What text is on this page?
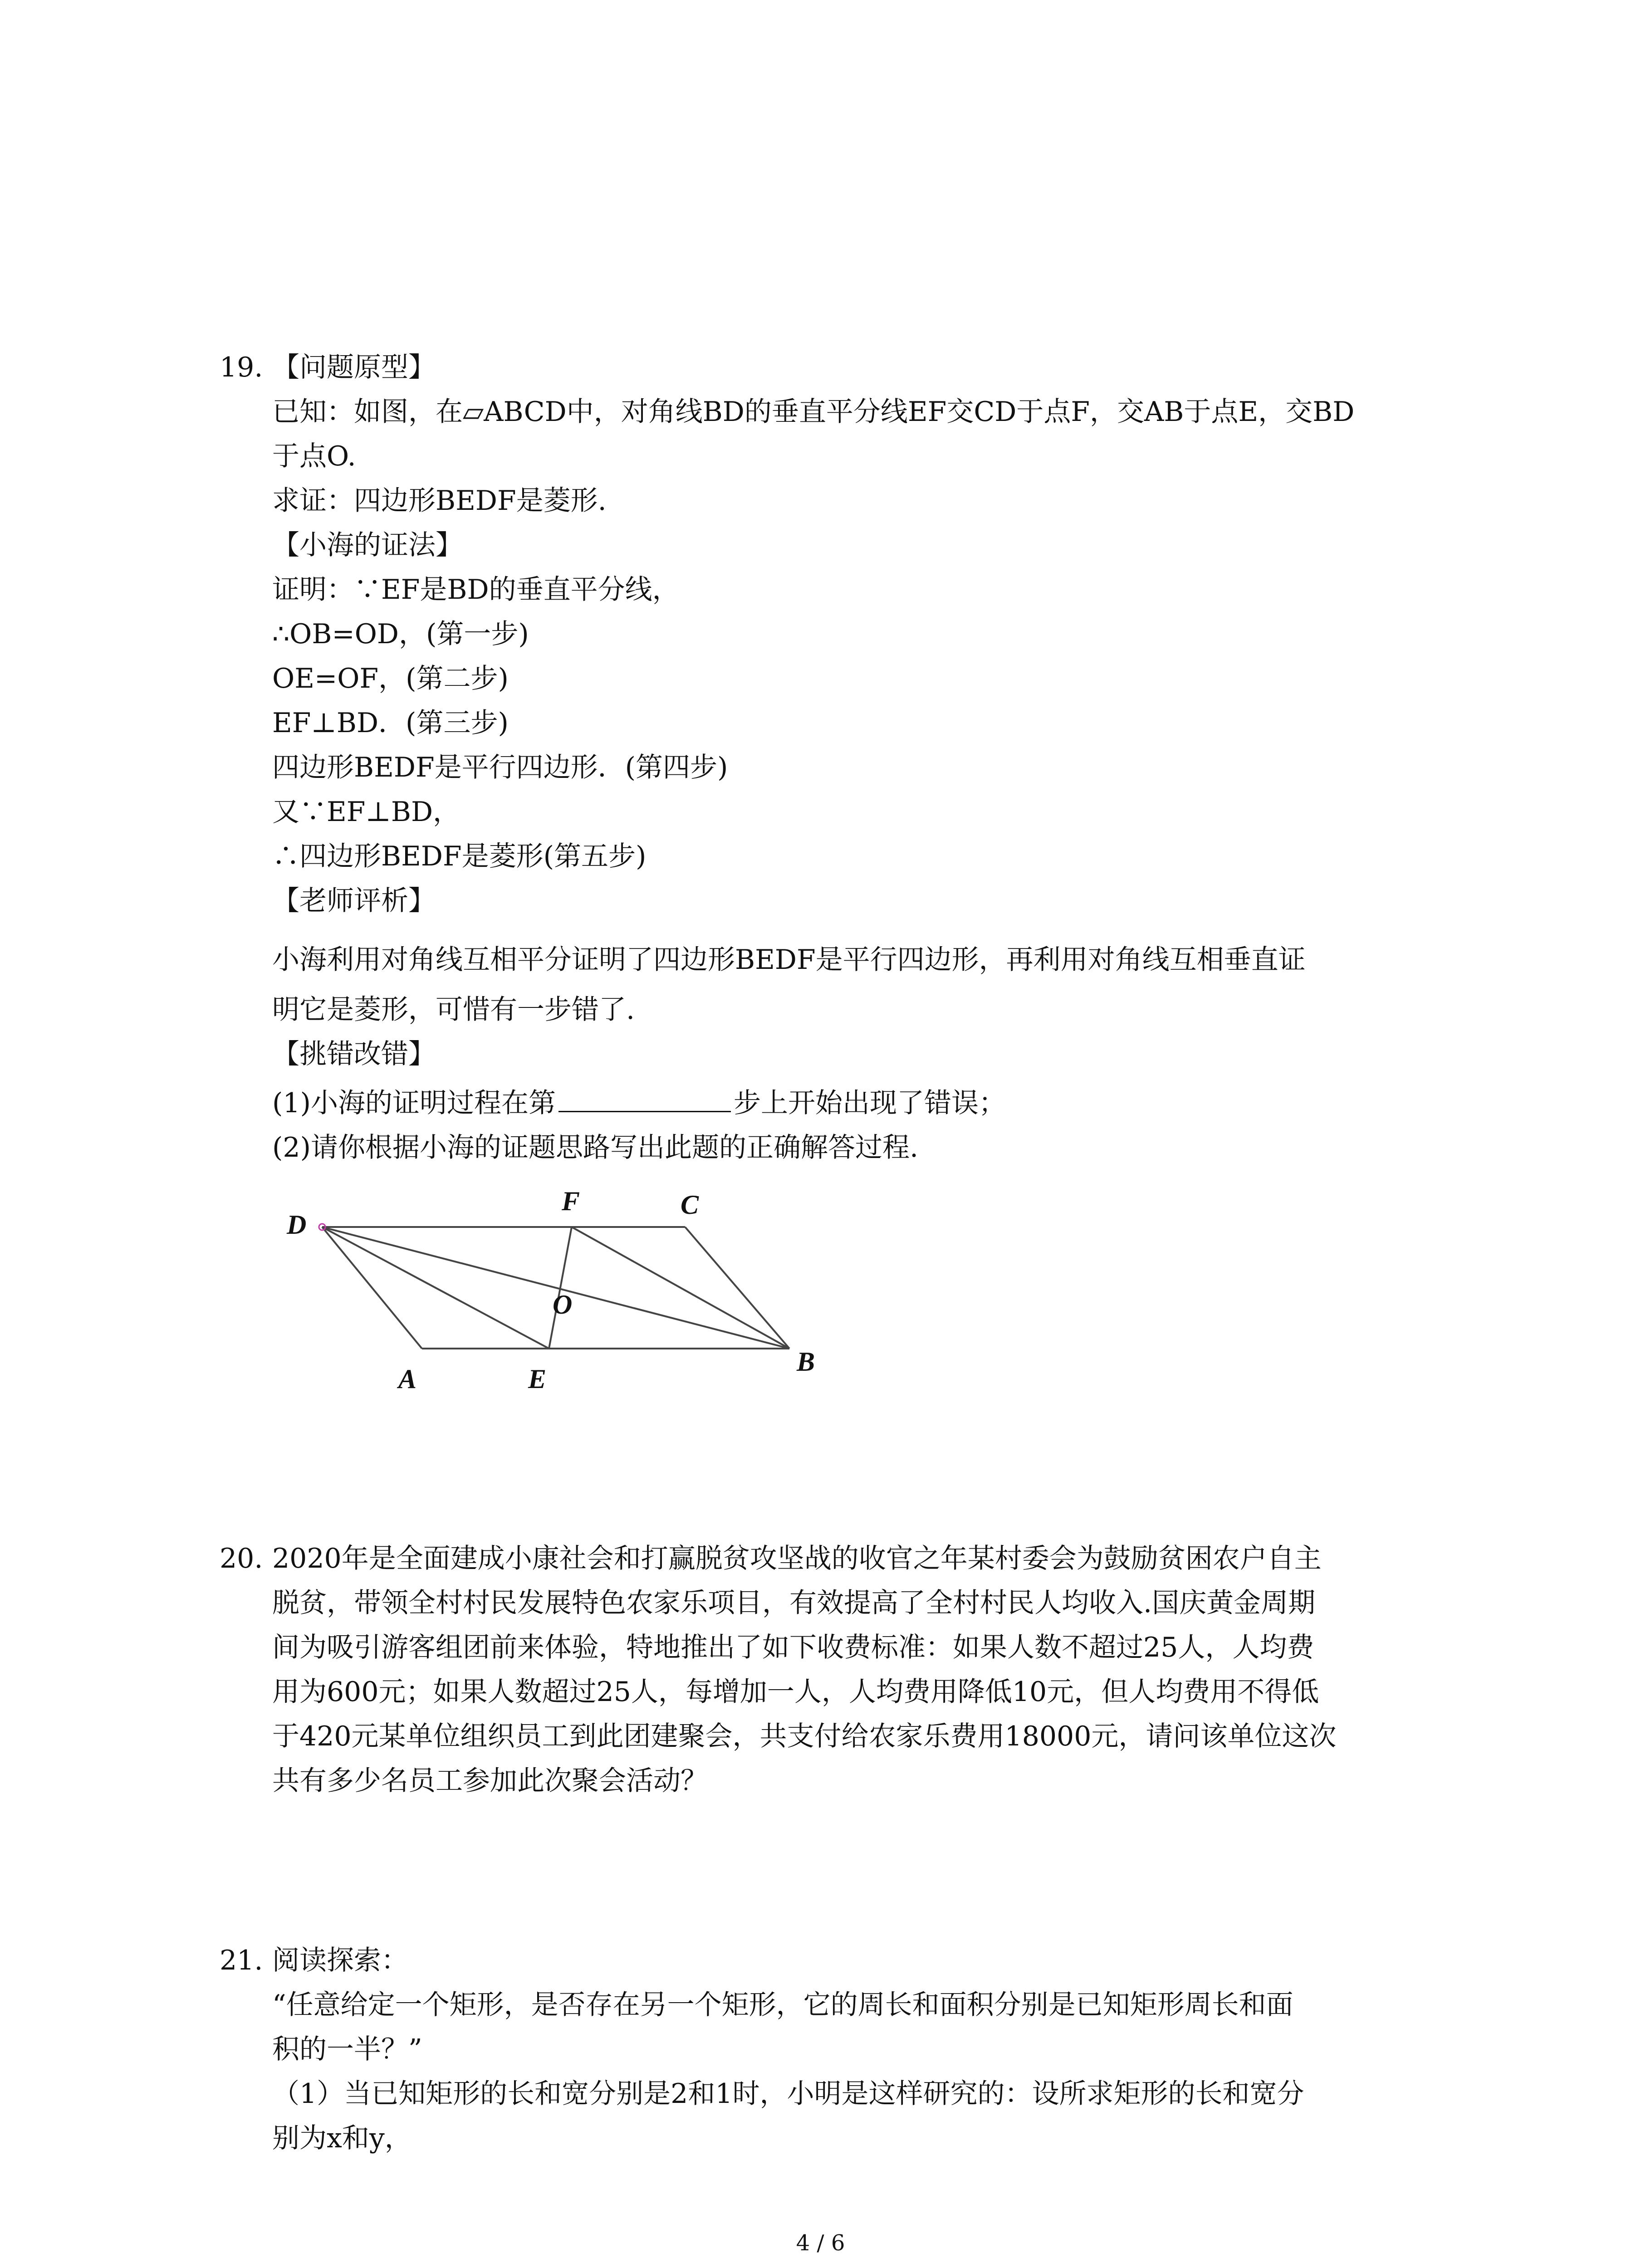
19. 【问题原型】
已知：如图，在▱ABCD中，对角线BD的垂直平分线EF交CD于点F，交AB于点E，交BD
于点O.
求证：四边形BEDF是菱形.
【小海的证法】
证明：∵EF是BD的垂直平分线，
∴OB=OD，(第一步)
OE=OF，(第二步)
EF⊥BD．(第三步)
四边形BEDF是平行四边形．(第四步)
又∵EF⊥BD，
∴四边形BEDF是菱形(第五步)
【老师评析】
小海利用对角线互相平分证明了四边形BEDF是平行四边形，再利用对角线互相垂直证
明它是菱形，可惜有一步错了.
【挑错改错】
(1)小海的证明过程在第	步上开始出现了错误；
(2)请你根据小海的证题思路写出此题的正确解答过程.
D
F	C
O
A	E
B
20. 2020年是全面建成小康社会和打赢脱贫攻坚战的收官之年某村委会为鼓励贫困农户自主
脱贫，带领全村村民发展特色农家乐项目，有效提高了全村村民人均收入.国庆黄金周期
间为吸引游客组团前来体验，特地推出了如下收费标准：如果人数不超过25人，人均费
用为600元；如果人数超过25人，每增加一人，人均费用降低10元，但人均费用不得低
于420元某单位组织员工到此团建聚会，共支付给农家乐费用18000元，请问该单位这次
共有多少名员工参加此次聚会活动？
21. 阅读探索：
“任意给定一个矩形，是否存在另一个矩形，它的周长和面积分别是已知矩形周长和面
积的一半？”
（1）当已知矩形的长和宽分别是2和1时，小明是这样研究的：设所求矩形的长和宽分
别为x和y，
4 / 6
